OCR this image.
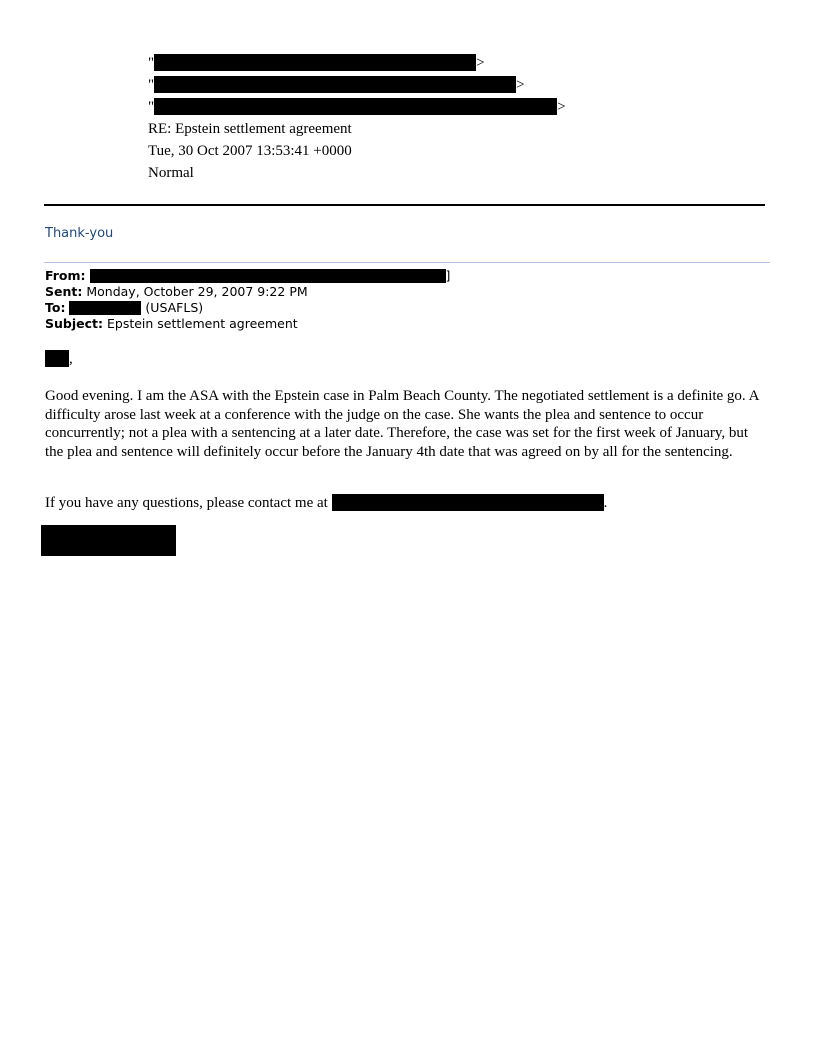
"	>
"	>
"	>
RE: Epstein settlement agreement
Tue, 30 Oct 2007 13:53:41 +0000
Normal
Thank-you
From:	]
Sent: Monday, October 29, 2007 9:22 PM
To:	(USAFLS)
Subject: Epstein settlement agreement
,
Good evening. I am the ASA with the Epstein case in Palm Beach County. The negotiated settlement is a definite go. A difficulty arose last week at a conference with the judge on the case. She wants the plea and sentence to occur concurrently; not a plea with a sentencing at a later date. Therefore, the case was set for the first week of January, but the plea and sentence will definitely occur before the January 4th date that was agreed on by all for the sentencing.
If you have any questions, please contact me at	.
